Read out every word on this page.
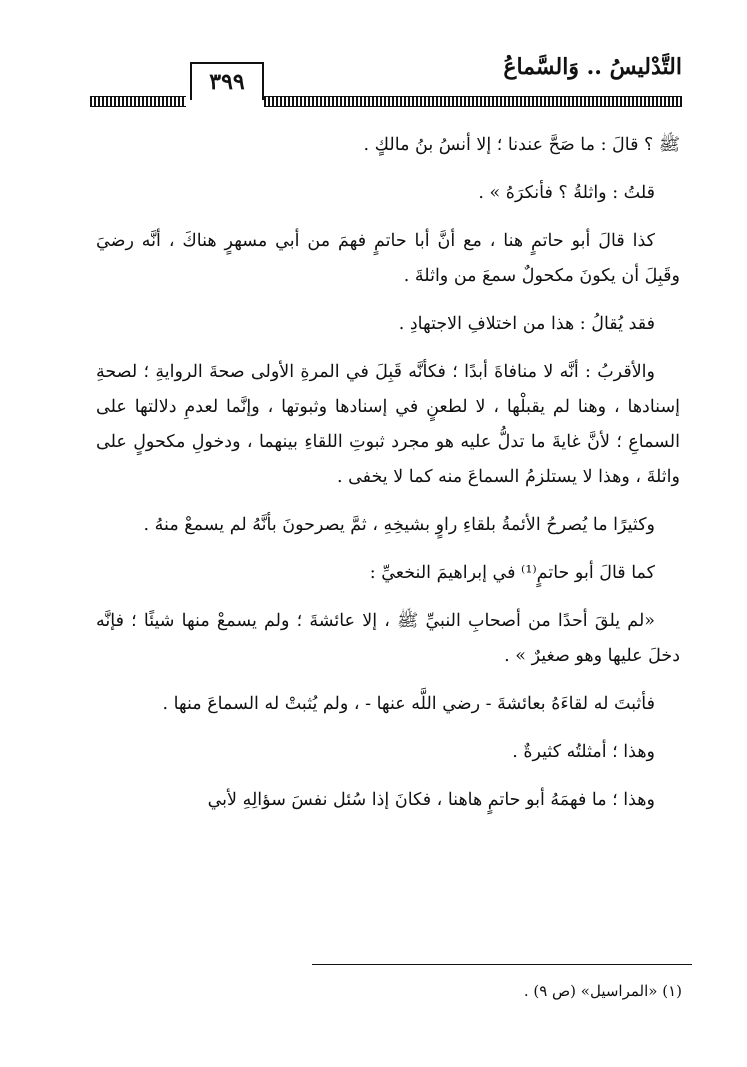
التَّدْليسُ .. وَالسَّماعُ
٣٩٩

ﷺ ؟ قالَ : ما صَحَّ عندنا ؛ إلا أنسُ بنُ مالكٍ .

قلتُ : واثلةُ ؟ فأنكرَهُ » .

كذا قالَ أبو حاتمٍ هنا ، مع أنَّ أبا حاتمٍ فهمَ من أبي مسهرٍ هناكَ ، أنَّه رضيَ وقَبِلَ أن يكونَ مكحولٌ سمعَ من واثلةَ .

فقد يُقالُ : هذا من اختلافِ الاجتهادِ .

والأقربُ : أنَّه لا منافاةَ أبدًا ؛ فكأنَّه قَبِلَ في المرةِ الأولى صحةَ الروايةِ ؛ لصحةِ إسنادها ، وهنا لم يقبلْها ، لا لطعنٍ في إسنادها وثبوتها ، وإنَّما لعدمِ دلالتها على السماعِ ؛ لأنَّ غايةَ ما تدلُّ عليه هو مجرد ثبوتِ اللقاءِ بينهما ، ودخولِ مكحولٍ على واثلةَ ، وهذا لا يستلزمُ السماعَ منه كما لا يخفى .

وكثيرًا ما يُصرحُ الأئمةُ بلقاءِ راوٍ بشيخِهِ ، ثمَّ يصرحونَ بأنَّهُ لم يسمعْ منهُ .

كما قالَ أبو حاتمٍ⁽¹⁾ في إبراهيمَ النخعيِّ :

«لم يلقَ أحدًا من أصحابِ النبيِّ ﷺ ، إلا عائشةَ ؛ ولم يسمعْ منها شيئًا ؛ فإنَّه دخلَ عليها وهو صغيرٌ » .

فأثبتَ له لقاءَهُ بعائشةَ - رضي اللَّه عنها - ، ولم يُثبتْ له السماعَ منها .

وهذا ؛ أمثلتُه كثيرةٌ .

وهذا ؛ ما فهمَهُ أبو حاتمٍ هاهنا ، فكانَ إذا سُئل نفسَ سؤالِهِ لأبي

(١) «المراسيل» (ص ٩) .
